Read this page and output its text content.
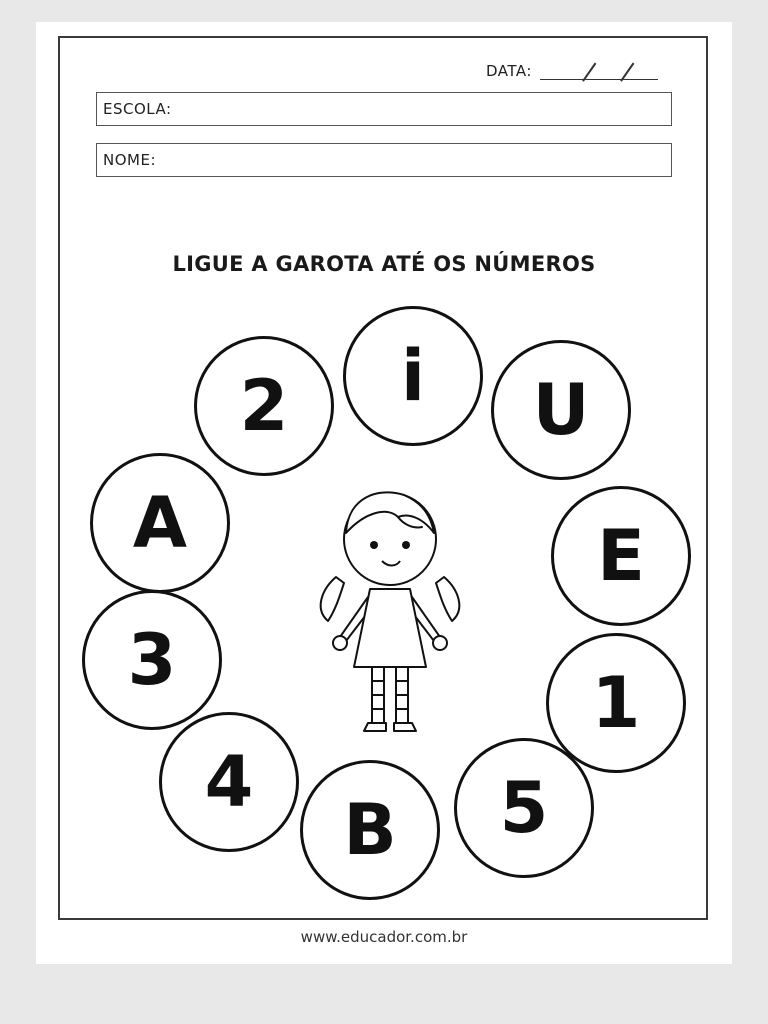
DATA:
ESCOLA:
NOME:
LIGUE A GAROTA ATÉ OS NÚMEROS
2	i	U
A	E
3
1
4
B	5
www.educador.com.br
